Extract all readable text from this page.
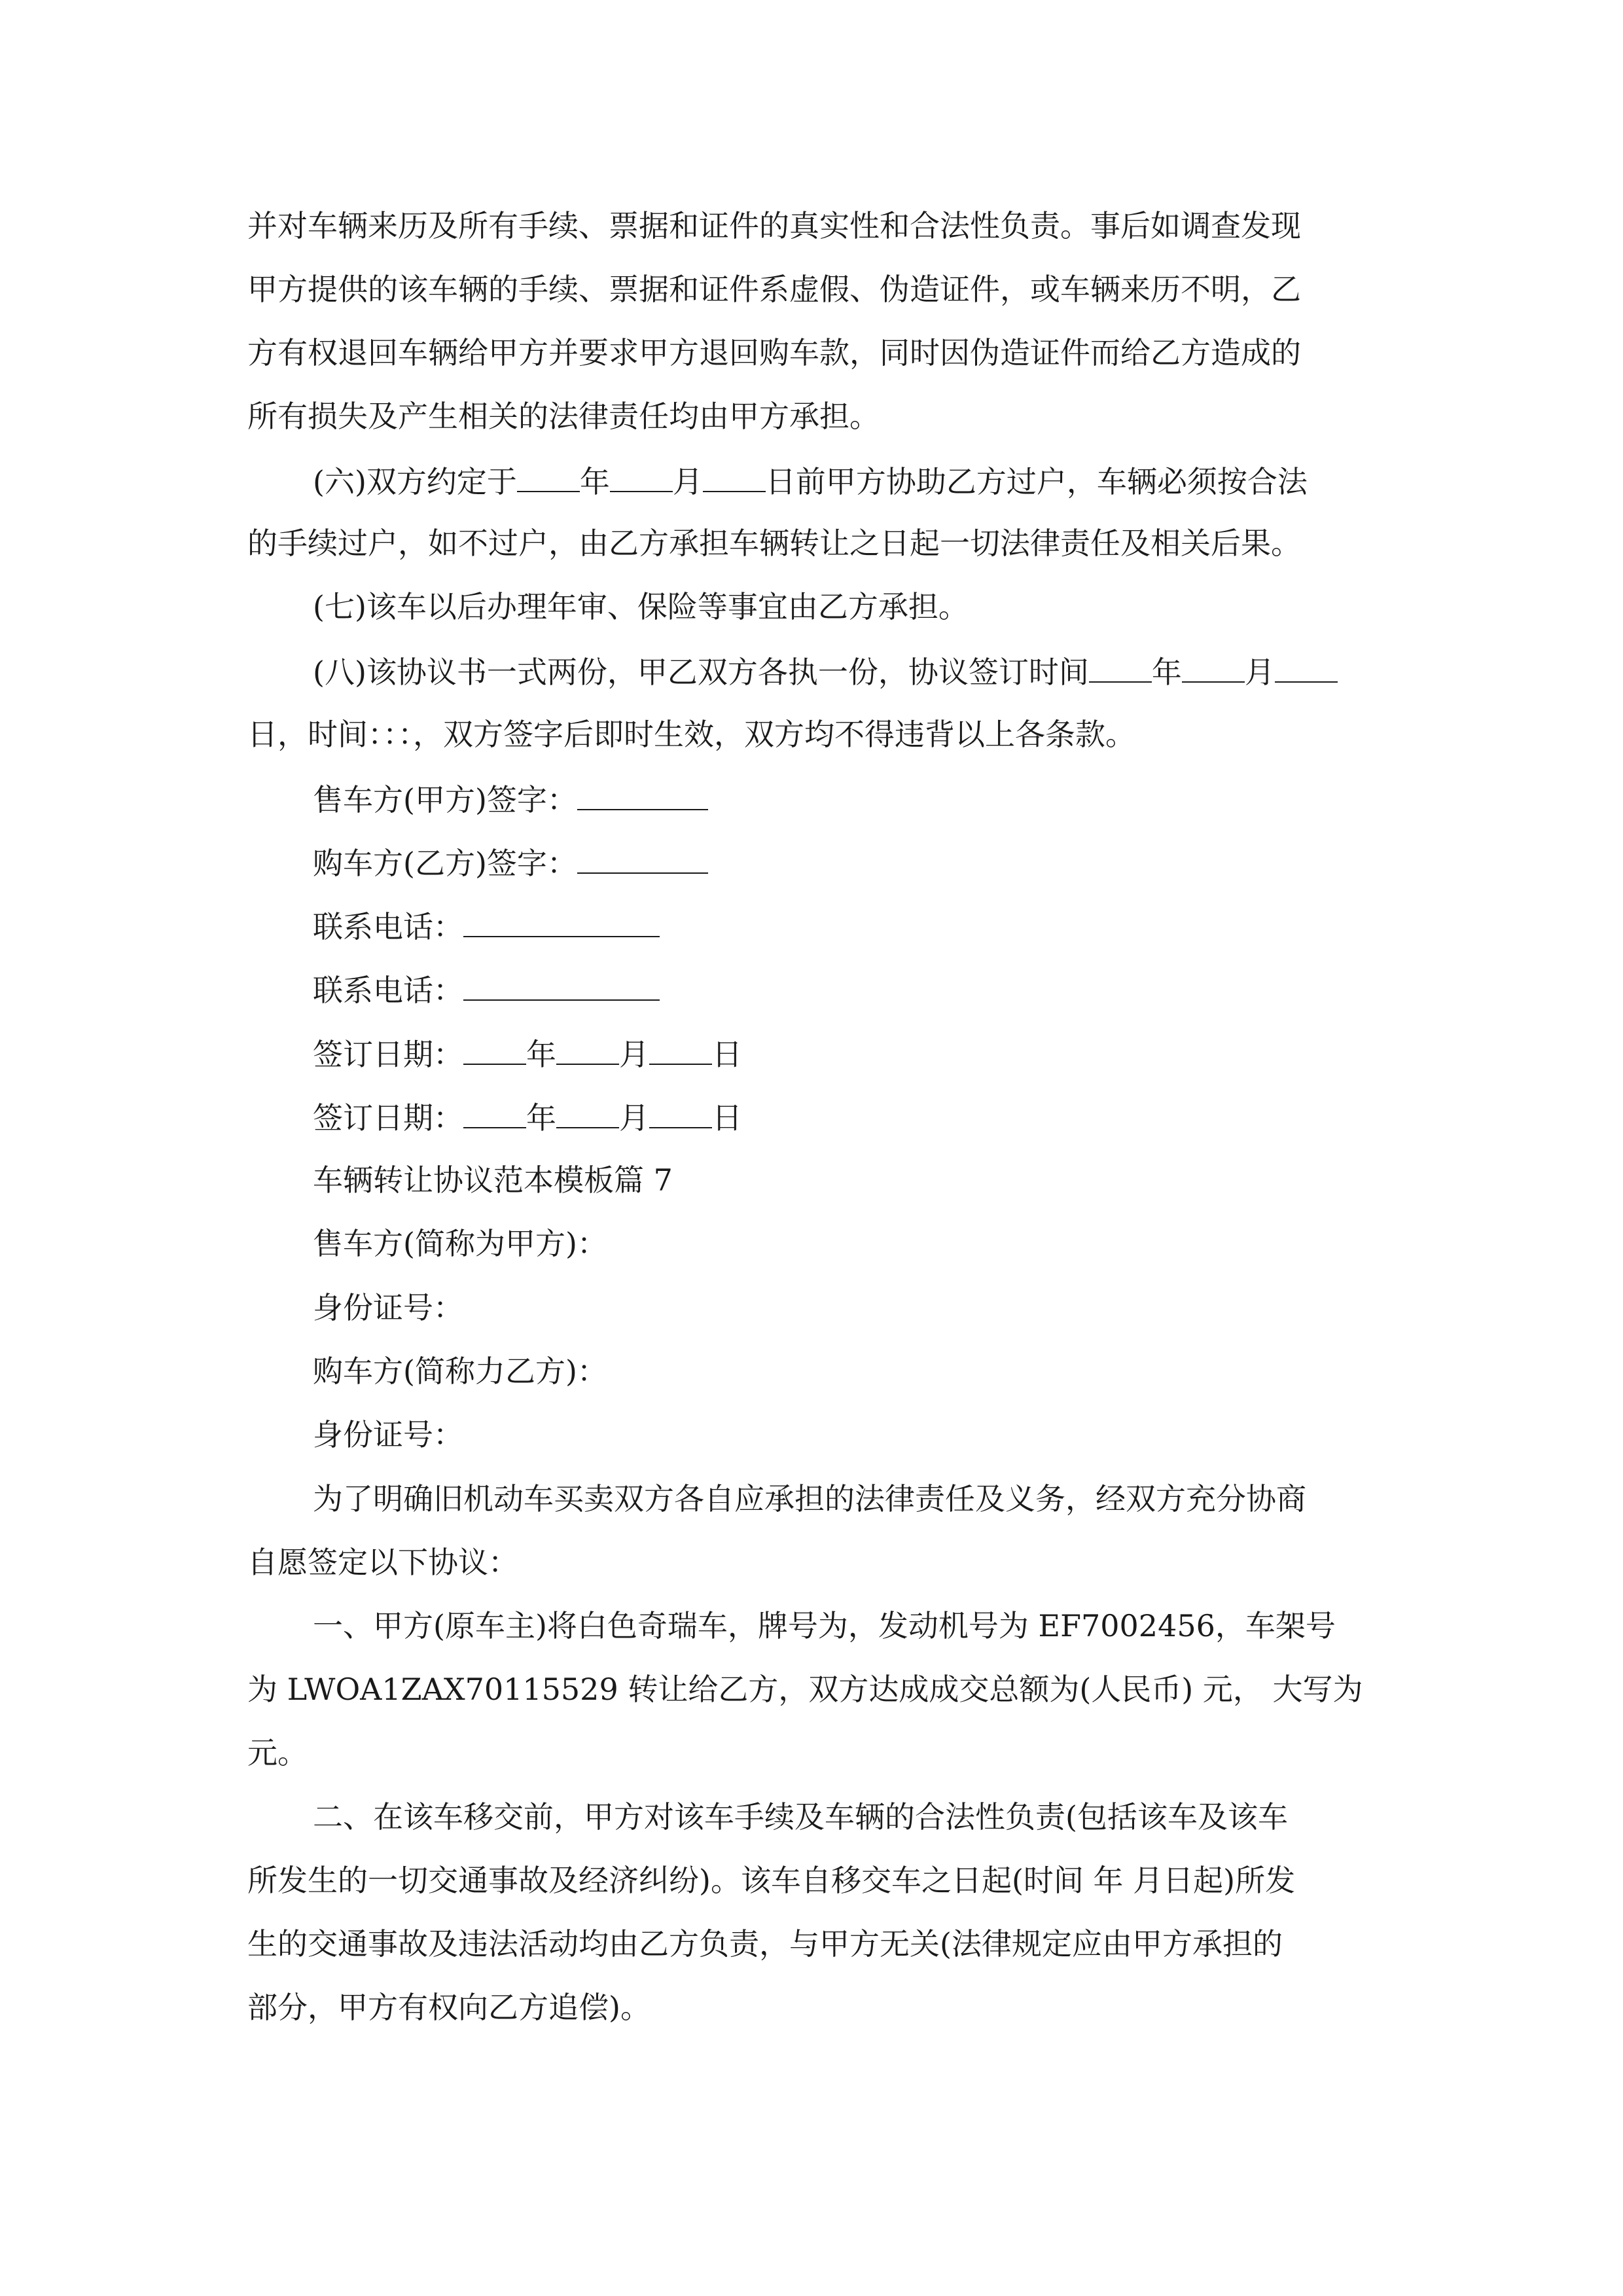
并对车辆来历及所有手续、票据和证件的真实性和合法性负责。事后如调查发现
甲方提供的该车辆的手续、票据和证件系虚假、伪造证件，或车辆来历不明，乙
方有权退回车辆给甲方并要求甲方退回购车款，同时因伪造证件而给乙方造成的
所有损失及产生相关的法律责任均由甲方承担。
(六)双方约定于 年 月 日前甲方协助乙方过户，车辆必须按合法
的手续过户，如不过户，由乙方承担车辆转让之日起一切法律责任及相关后果。
(七)该车以后办理年审、保险等事宜由乙方承担。
(八)该协议书一式两份，甲乙双方各执一份，协议签订时间 年 月
日，时间：：：，双方签字后即时生效，双方均不得违背以上各条款。
售车方(甲方)签字：
购车方(乙方)签字：
联系电话：
联系电话：
签订日期： 年 月 日
签订日期： 年 月 日
车辆转让协议范本模板篇 7
售车方(简称为甲方)：
身份证号：
购车方(简称力乙方)：
身份证号：
为了明确旧机动车买卖双方各自应承担的法律责任及义务，经双方充分协商
自愿签定以下协议：
一、甲方(原车主)将白色奇瑞车，牌号为，发动机号为 EF7002456，车架号
为 LWOA1ZAX70115529 转让给乙方，双方达成成交总额为(人民币) 元， 大写为
元。
二、在该车移交前，甲方对该车手续及车辆的合法性负责(包括该车及该车
所发生的一切交通事故及经济纠纷)。该车自移交车之日起(时间 年 月日起)所发
生的交通事故及违法活动均由乙方负责，与甲方无关(法律规定应由甲方承担的
部分，甲方有权向乙方追偿)。
